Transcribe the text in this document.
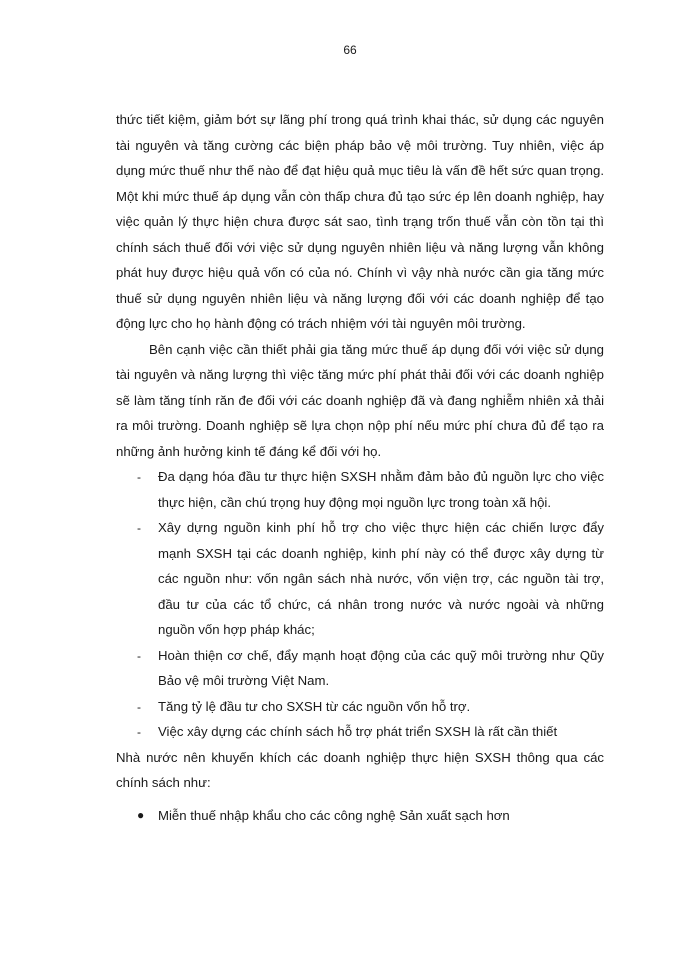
66

thức tiết kiệm, giảm bớt sự lãng phí trong quá trình khai thác, sử dụng các nguyên tài nguyên và tăng cường các biện pháp bảo vệ môi trường. Tuy nhiên, việc áp dụng mức thuế như thế nào để đạt hiệu quả mục tiêu là vấn đề hết sức quan trọng. Một khi mức thuế áp dụng vẫn còn thấp chưa đủ tạo sức ép lên doanh nghiệp, hay việc quản lý thực hiện chưa được sát sao, tình trạng trốn thuế vẫn còn tồn tại thì chính sách thuế đối với việc sử dụng nguyên nhiên liệu và năng lượng vẫn không phát huy được hiệu quả vốn có của nó. Chính vì vậy nhà nước cần gia tăng mức thuế sử dụng nguyên nhiên liệu và năng lượng đối với các doanh nghiệp để tạo động lực cho họ hành động có trách nhiệm với tài nguyên môi trường.

Bên cạnh việc cần thiết phải gia tăng mức thuế áp dụng đối với việc sử dụng tài nguyên và năng lượng thì việc tăng mức phí phát thải đối với các doanh nghiệp sẽ làm tăng tính răn đe đối với các doanh nghiệp đã và đang nghiễm nhiên xả thải ra môi trường. Doanh nghiệp sẽ lựa chọn nộp phí nếu mức phí chưa đủ để tạo ra những ảnh hưởng kinh tế đáng kể đối với họ.

- Đa dạng hóa đầu tư thực hiện SXSH nhằm đảm bảo đủ nguồn lực cho việc thực hiện, cần chú trọng huy động mọi nguồn lực trong toàn xã hội.
- Xây dựng nguồn kinh phí hỗ trợ cho việc thực hiện các chiến lược đẩy mạnh SXSH tại các doanh nghiệp, kinh phí này có thể được xây dựng từ các nguồn như: vốn ngân sách nhà nước, vốn viện trợ, các nguồn tài trợ, đầu tư của các tổ chức, cá nhân trong nước và nước ngoài và những nguồn vốn hợp pháp khác;
- Hoàn thiện cơ chế, đẩy mạnh hoạt động của các quỹ môi trường như Qũy Bảo vệ môi trường Việt Nam.
- Tăng tỷ lệ đầu tư cho SXSH từ các nguồn vốn hỗ trợ.
- Việc xây dựng các chính sách hỗ trợ phát triển SXSH là rất cần thiết

Nhà nước nên khuyến khích các doanh nghiệp thực hiện SXSH thông qua các chính sách như:

● Miễn thuế nhập khẩu cho các công nghệ Sản xuất sạch hơn
